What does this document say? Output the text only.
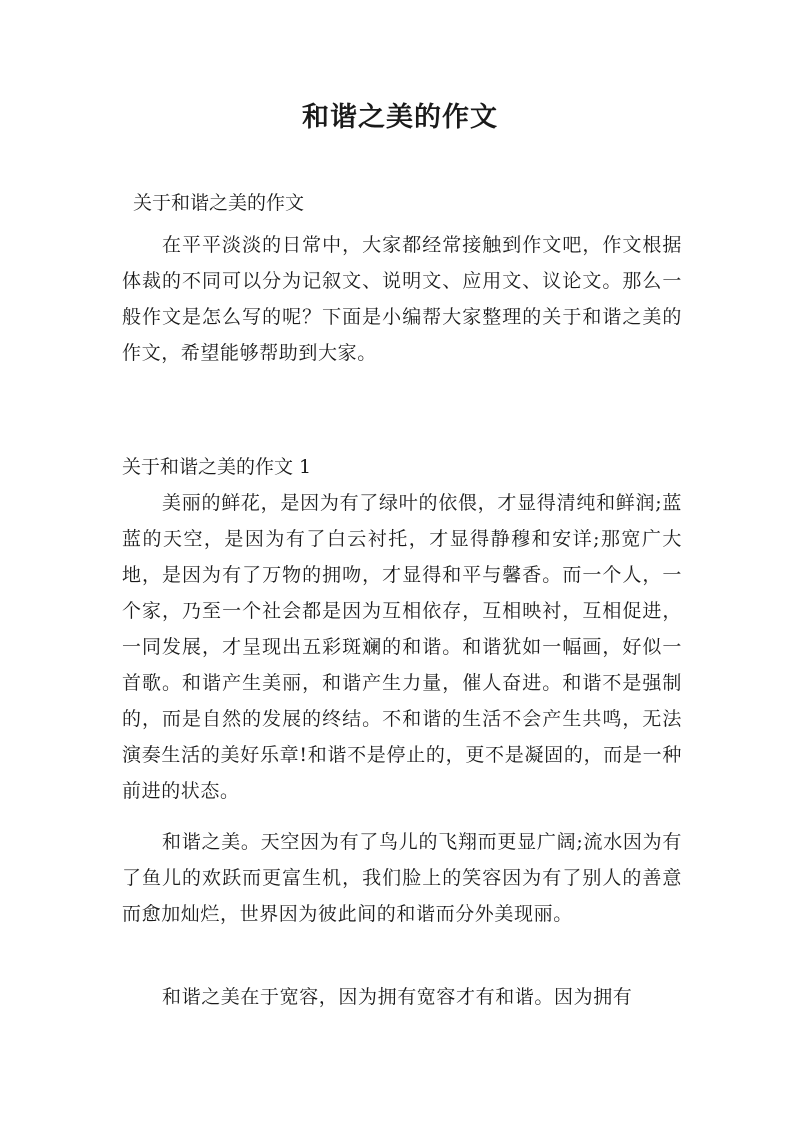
和谐之美的作文

关于和谐之美的作文

在平平淡淡的日常中，大家都经常接触到作文吧，作文根据体裁的不同可以分为记叙文、说明文、应用文、议论文。那么一般作文是怎么写的呢？下面是小编帮大家整理的关于和谐之美的作文，希望能够帮助到大家。

关于和谐之美的作文 1

美丽的鲜花，是因为有了绿叶的依偎，才显得清纯和鲜润;蓝蓝的天空，是因为有了白云衬托，才显得静穆和安详;那宽广大地，是因为有了万物的拥吻，才显得和平与馨香。而一个人，一个家，乃至一个社会都是因为互相依存，互相映衬，互相促进，一同发展，才呈现出五彩斑斓的和谐。和谐犹如一幅画，好似一首歌。和谐产生美丽，和谐产生力量，催人奋进。和谐不是强制的，而是自然的发展的终结。不和谐的生活不会产生共鸣，无法演奏生活的美好乐章!和谐不是停止的，更不是凝固的，而是一种前进的状态。

和谐之美。天空因为有了鸟儿的飞翔而更显广阔;流水因为有了鱼儿的欢跃而更富生机，我们脸上的笑容因为有了别人的善意而愈加灿烂，世界因为彼此间的和谐而分外美现丽。

和谐之美在于宽容，因为拥有宽容才有和谐。因为拥有
